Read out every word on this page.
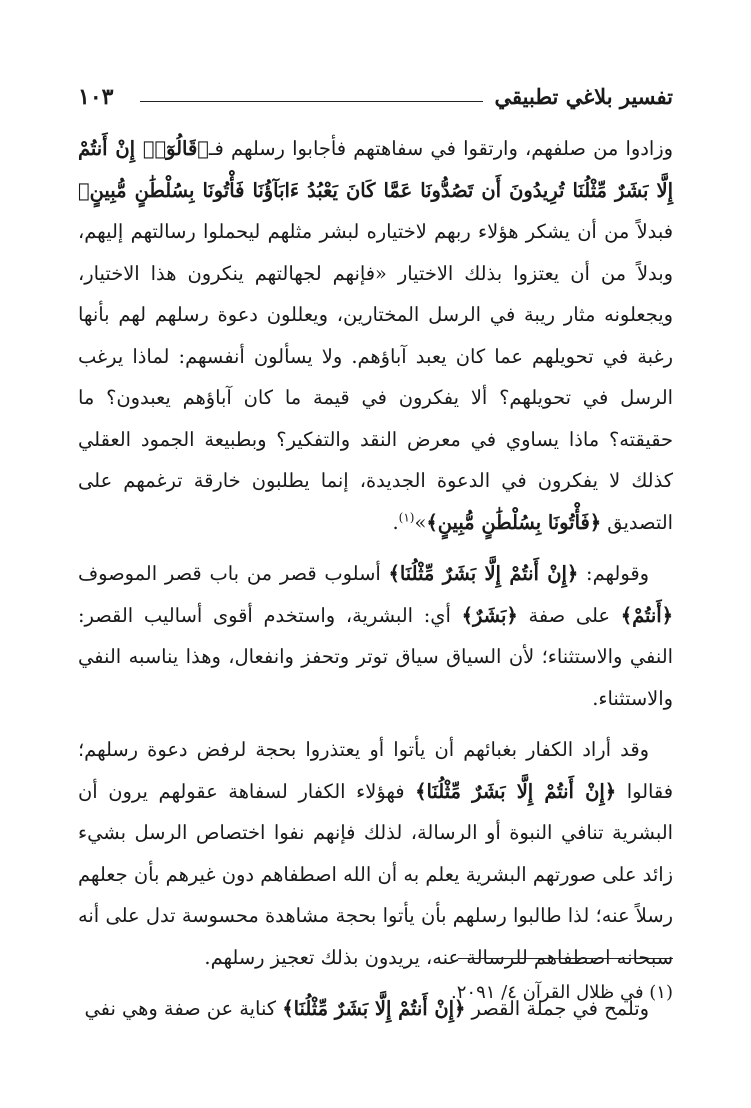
تفسير بلاغي تطبيقي
١٠٣

وزادوا من صلفهم، وارتقوا في سفاهتهم فأجابوا رسلهم فـ﴿قَالُوٓا۟ إِنْ أَنتُمْ إِلَّا بَشَرٌ مِّثْلُنَا تُرِيدُونَ أَن تَصُدُّونَا عَمَّا كَانَ يَعْبُدُ ءَابَآؤُنَا فَأْتُونَا بِسُلْطَٰنٍ مُّبِينٍ﴾ فبدلاً من أن يشكر هؤلاء ربهم لاختياره لبشر مثلهم ليحملوا رسالتهم إليهم، وبدلاً من أن يعتزوا بذلك الاختيار «فإنهم لجهالتهم ينكرون هذا الاختيار، ويجعلونه مثار ريبة في الرسل المختارين، ويعللون دعوة رسلهم لهم بأنها رغبة في تحويلهم عما كان يعبد آباؤهم. ولا يسألون أنفسهم: لماذا يرغب الرسل في تحويلهم؟ ألا يفكرون في قيمة ما كان آباؤهم يعبدون؟ ما حقيقته؟ ماذا يساوي في معرض النقد والتفكير؟ وبطبيعة الجمود العقلي كذلك لا يفكرون في الدعوة الجديدة، إنما يطلبون خارقة ترغمهم على التصديق ﴿فَأْتُونَا بِسُلْطَٰنٍ مُّبِينٍ﴾»$^{(١)}$.

وقولهم: ﴿إِنْ أَنتُمْ إِلَّا بَشَرٌ مِّثْلُنَا﴾ أسلوب قصر من باب قصر الموصوف ﴿أَنتُمْ﴾ على صفة ﴿بَشَرٌ﴾ أي: البشرية، واستخدم أقوى أساليب القصر: النفي والاستثناء؛ لأن السياق سياق توتر وتحفز وانفعال، وهذا يناسبه النفي والاستثناء.

وقد أراد الكفار بغبائهم أن يأتوا أو يعتذروا بحجة لرفض دعوة رسلهم؛ فقالوا ﴿إِنْ أَنتُمْ إِلَّا بَشَرٌ مِّثْلُنَا﴾ فهؤلاء الكفار لسفاهة عقولهم يرون أن البشرية تنافي النبوة أو الرسالة، لذلك فإنهم نفوا اختصاص الرسل بشيء زائد على صورتهم البشرية يعلم به أن الله اصطفاهم دون غيرهم بأن جعلهم رسلاً عنه؛ لذا طالبوا رسلهم بأن يأتوا بحجة مشاهدة محسوسة تدل على أنه سبحانه اصطفاهم للرسالة عنه، يريدون بذلك تعجيز رسلهم.

وتلمح في جملة القصر ﴿إِنْ أَنتُمْ إِلَّا بَشَرٌ مِّثْلُنَا﴾ كناية عن صفة وهي نفي

(١) في ظلال القرآن ٤/ ٢٠٩١.
